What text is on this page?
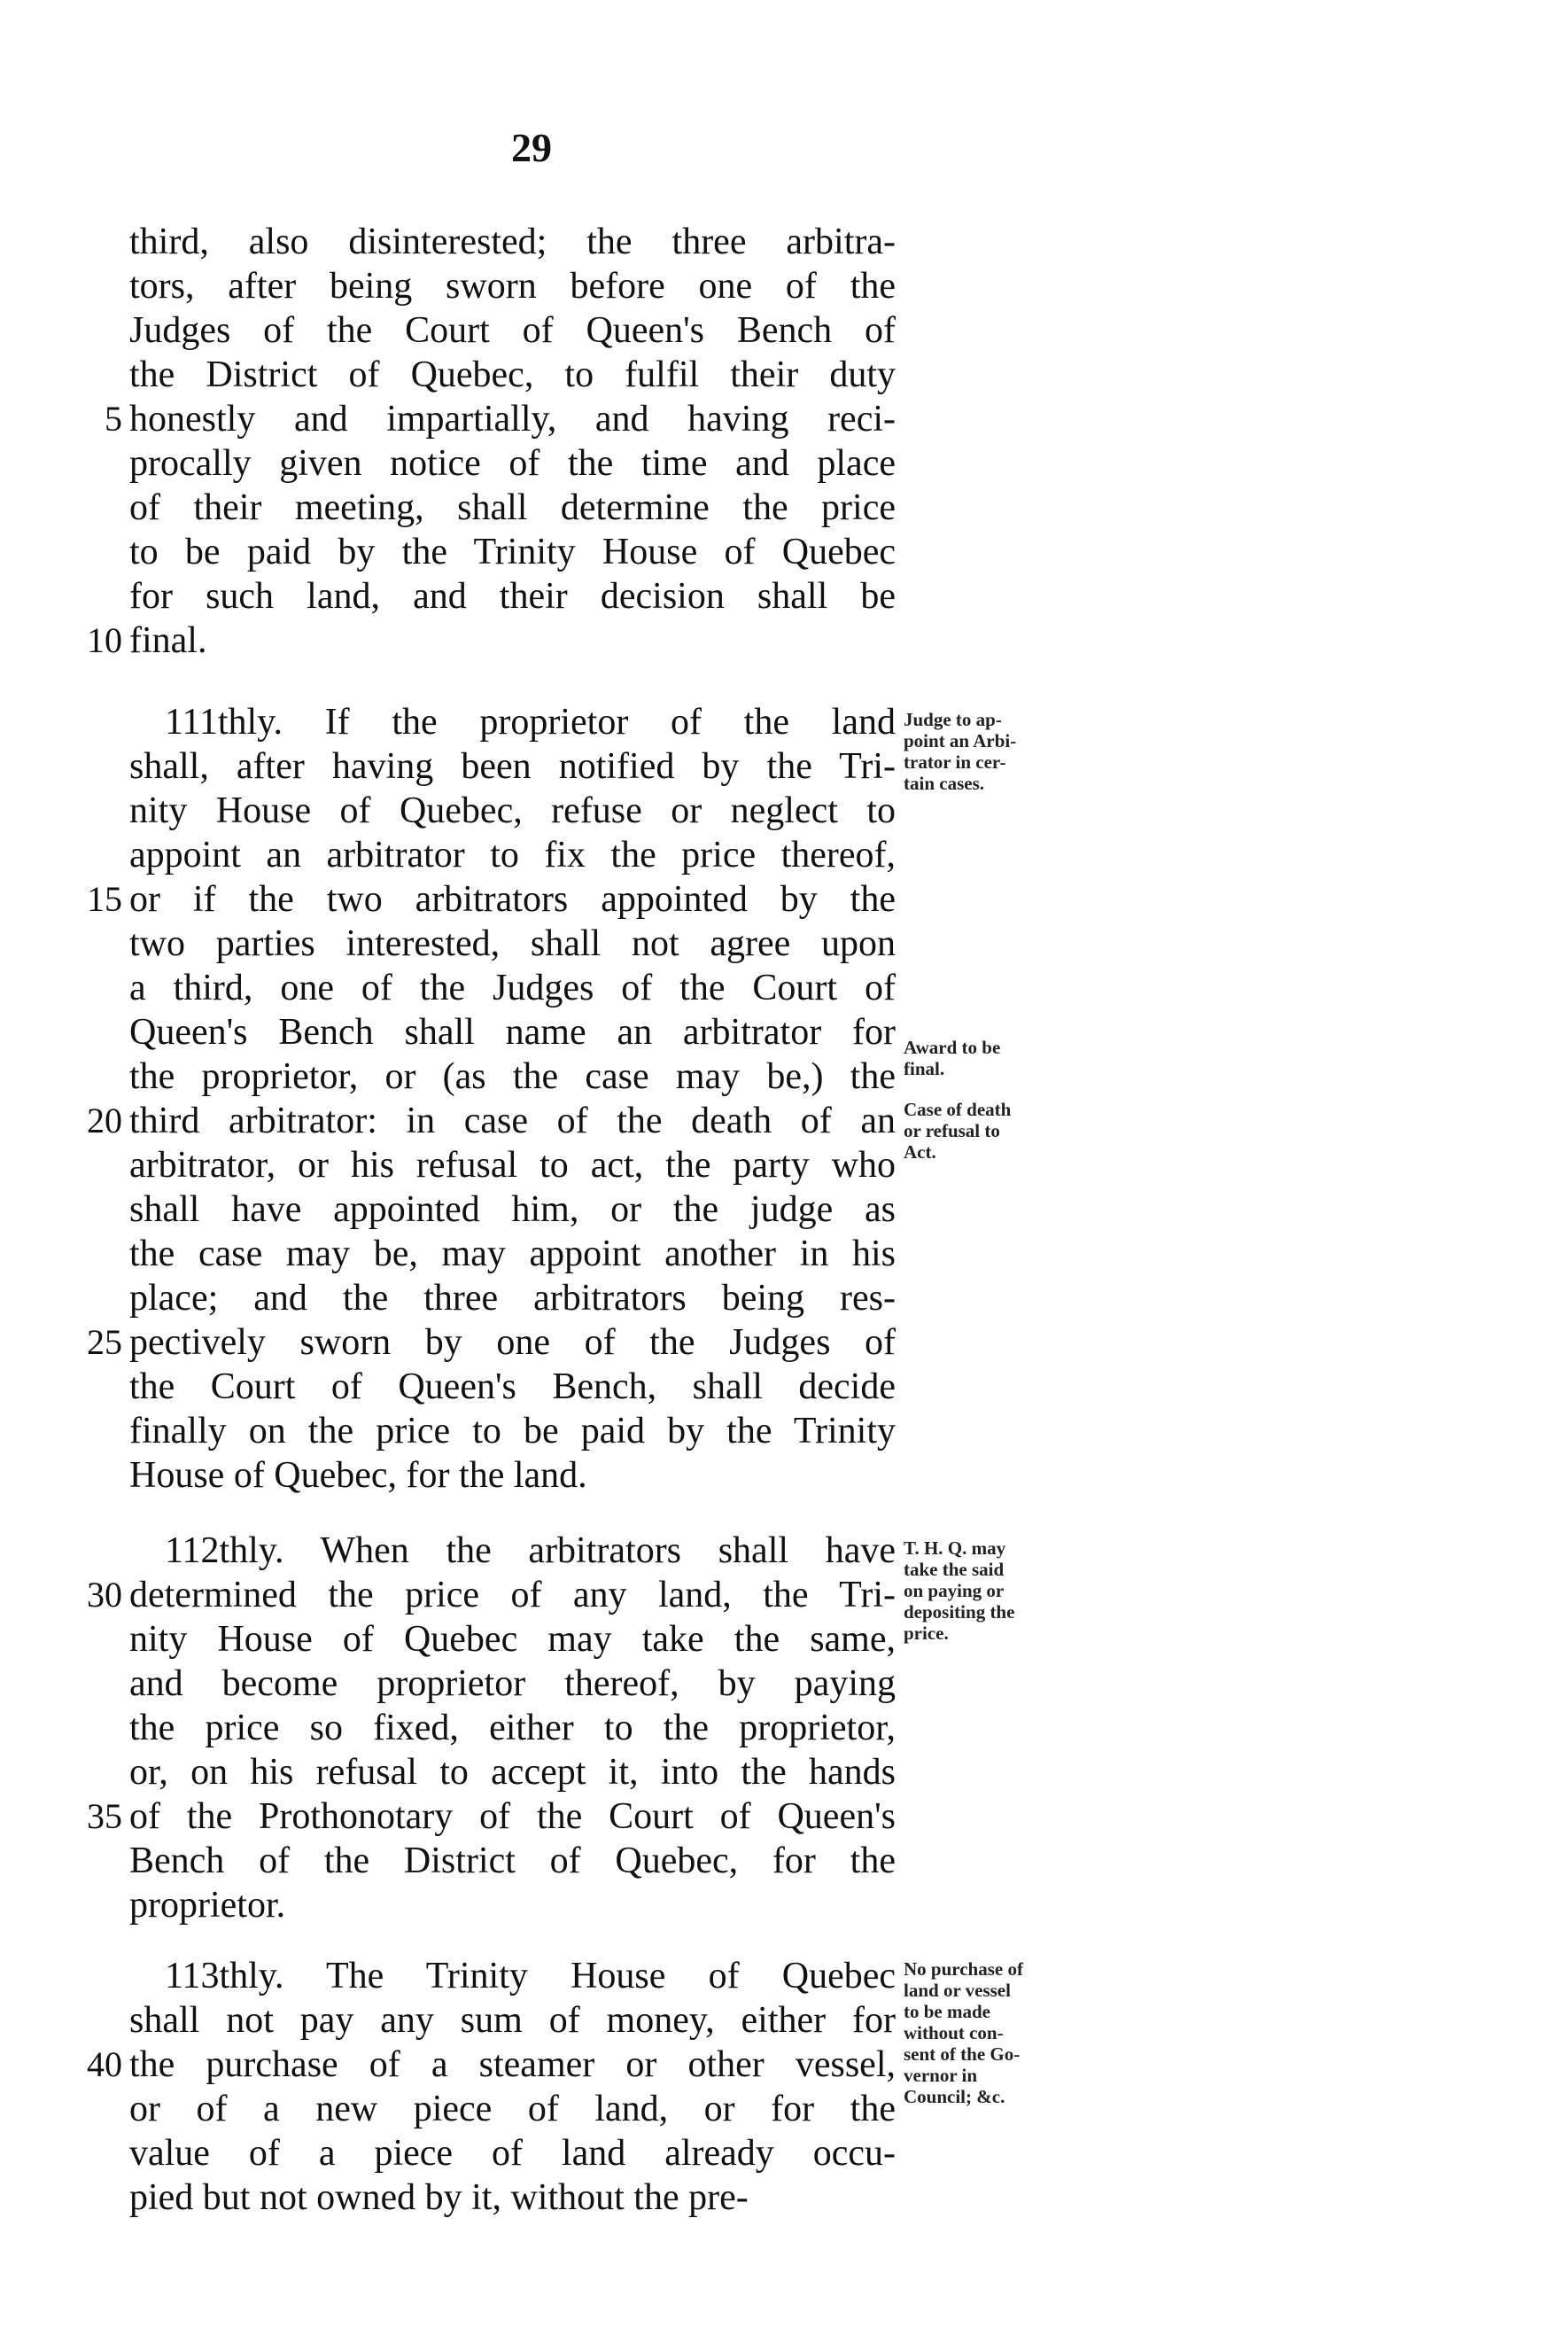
29
third, also disinterested; the three arbitra-
tors, after being sworn before one of the
Judges of the Court of Queen's Bench of
the District of Quebec, to fulfil their duty
5 honestly and impartially, and having reci-
procally given notice of the time and place
of their meeting, shall determine the price
to be paid by the Trinity House of Quebec
for such land, and their decision shall be
10 final.
111thly. If the proprietor of the land
shall, after having been notified by the Tri-
nity House of Quebec, refuse or neglect to
appoint an arbitrator to fix the price thereof,
15 or if the two arbitrators appointed by the
two parties interested, shall not agree upon
a third, one of the Judges of the Court of
Queen's Bench shall name an arbitrator for
the proprietor, or (as the case may be,) the
20 third arbitrator: in case of the death of an
arbitrator, or his refusal to act, the party who
shall have appointed him, or the judge as
the case may be, may appoint another in his
place; and the three arbitrators being res-
25 pectively sworn by one of the Judges of
the Court of Queen's Bench, shall decide
finally on the price to be paid by the Trinity
House of Quebec, for the land.
112thly. When the arbitrators shall have
30 determined the price of any land, the Tri-
nity House of Quebec may take the same,
and become proprietor thereof, by paying
the price so fixed, either to the proprietor,
or, on his refusal to accept it, into the hands
35 of the Prothonotary of the Court of Queen's
Bench of the District of Quebec, for the
proprietor.
113thly. The Trinity House of Quebec
shall not pay any sum of money, either for
40 the purchase of a steamer or other vessel,
or of a new piece of land, or for the
value of a piece of land already occu-
pied but not owned by it, without the pre-
Award to be
final.
Judge to ap-
point an Arbi-
trator in cer-
tain cases.
Case of death
or refusal to
Act.
T. H. Q. may
take the said
on paying or
depositing the
price.
No purchase of
land or vessel
to be made
without con-
sent of the Go-
vernor in
Council; &c.
